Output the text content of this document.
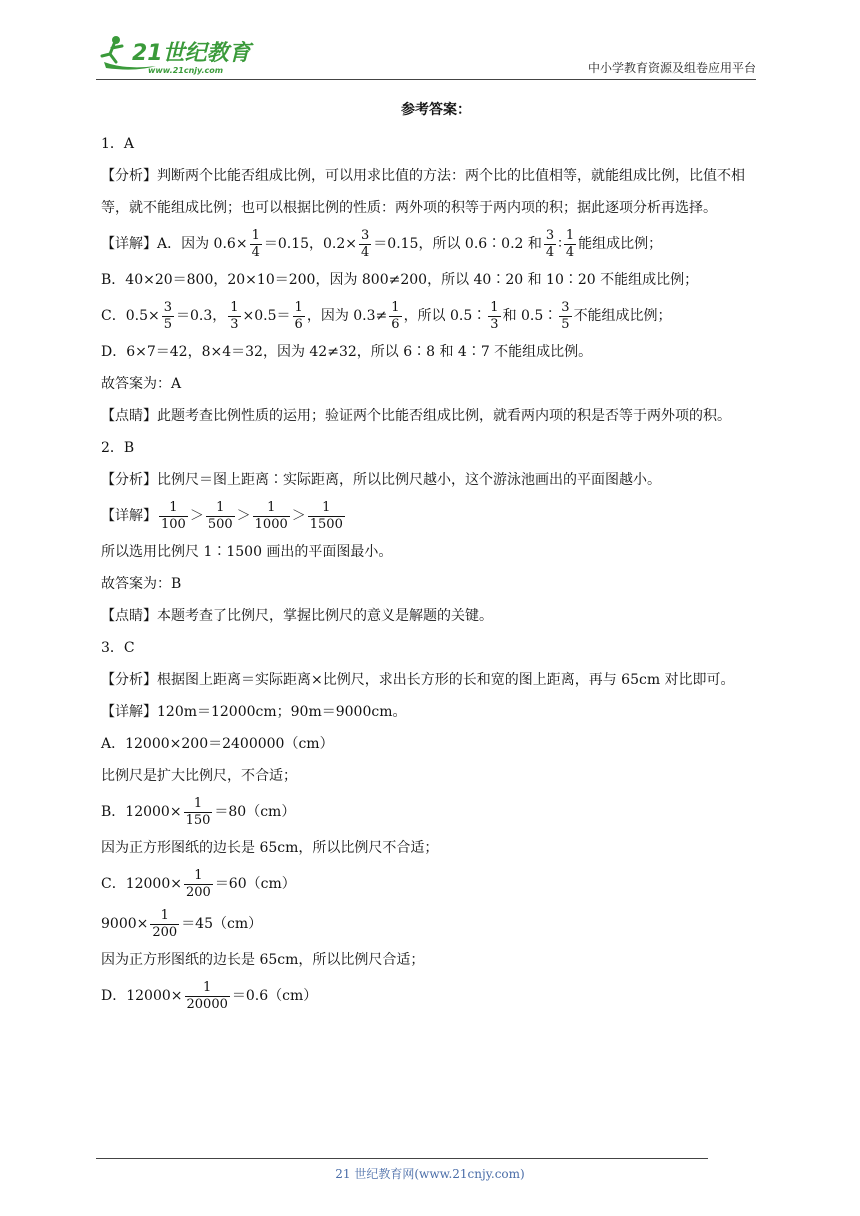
21世纪教育
www.21cnjy.com	中小学教育资源及组卷应用平台
参考答案：

1．A

【分析】判断两个比能否组成比例，可以用求比值的方法：两个比的比值相等，就能组成比例，比值不相等，就不能组成比例；也可以根据比例的性质：两外项的积等于两内项的积；据此逐项分析再选择。

【详解】A．因为 $0.6\times \frac{1}{4} =0.15$，$0.2\times \frac{3}{4} =0.15$，所以 0.6∶0.2 和 $\frac{3}{4}$ ∶ $\frac{1}{4}$ 能组成比例；

B．40×20＝800，20×10＝200，因为 800≠200，所以 40∶20 和 10∶20 不能组成比例；

C．$0.5\times \frac{3}{5} =0.3$， $\frac{1}{3} \times 0.5= \frac{1}{6}$ ，因为 $0.3\ne \frac{1}{6}$ ，所以 0.5∶ $\frac{1}{3}$ 和 0.5∶ $\frac{3}{5}$ 不能组成比例；

D．6×7＝42，8×4＝32，因为 42≠32，所以 6∶8 和 4∶7 不能组成比例。

故答案为：A

【点睛】此题考查比例性质的运用；验证两个比能否组成比例，就看两内项的积是否等于两外项的积。

2．B

【分析】比例尺＝图上距离∶实际距离，所以比例尺越小，这个游泳池画出的平面图越小。

【详解】 $\frac{1}{100} > \frac{1}{500} > \frac{1}{1000} > \frac{1}{1500}$

所以选用比例尺 1∶1500 画出的平面图最小。

故答案为：B

【点睛】本题考查了比例尺，掌握比例尺的意义是解题的关键。

3．C

【分析】根据图上距离＝实际距离×比例尺，求出长方形的长和宽的图上距离，再与 65cm 对比即可。

【详解】120m＝12000cm；90m＝9000cm。

A．12000×200＝2400000（cm）

比例尺是扩大比例尺，不合适；

B．$12000\times \frac{1}{150} =80(cm)$

因为正方形图纸的边长是 65cm，所以比例尺不合适；

C．$12000\times \frac{1}{200} =60(cm)$

$9000\times \frac{1}{200} =45(cm)$

因为正方形图纸的边长是 65cm，所以比例尺合适；

D．$12000\times \frac{1}{20000} =0.6(cm)$

21 世纪教育网(www.21cnjy.com)
